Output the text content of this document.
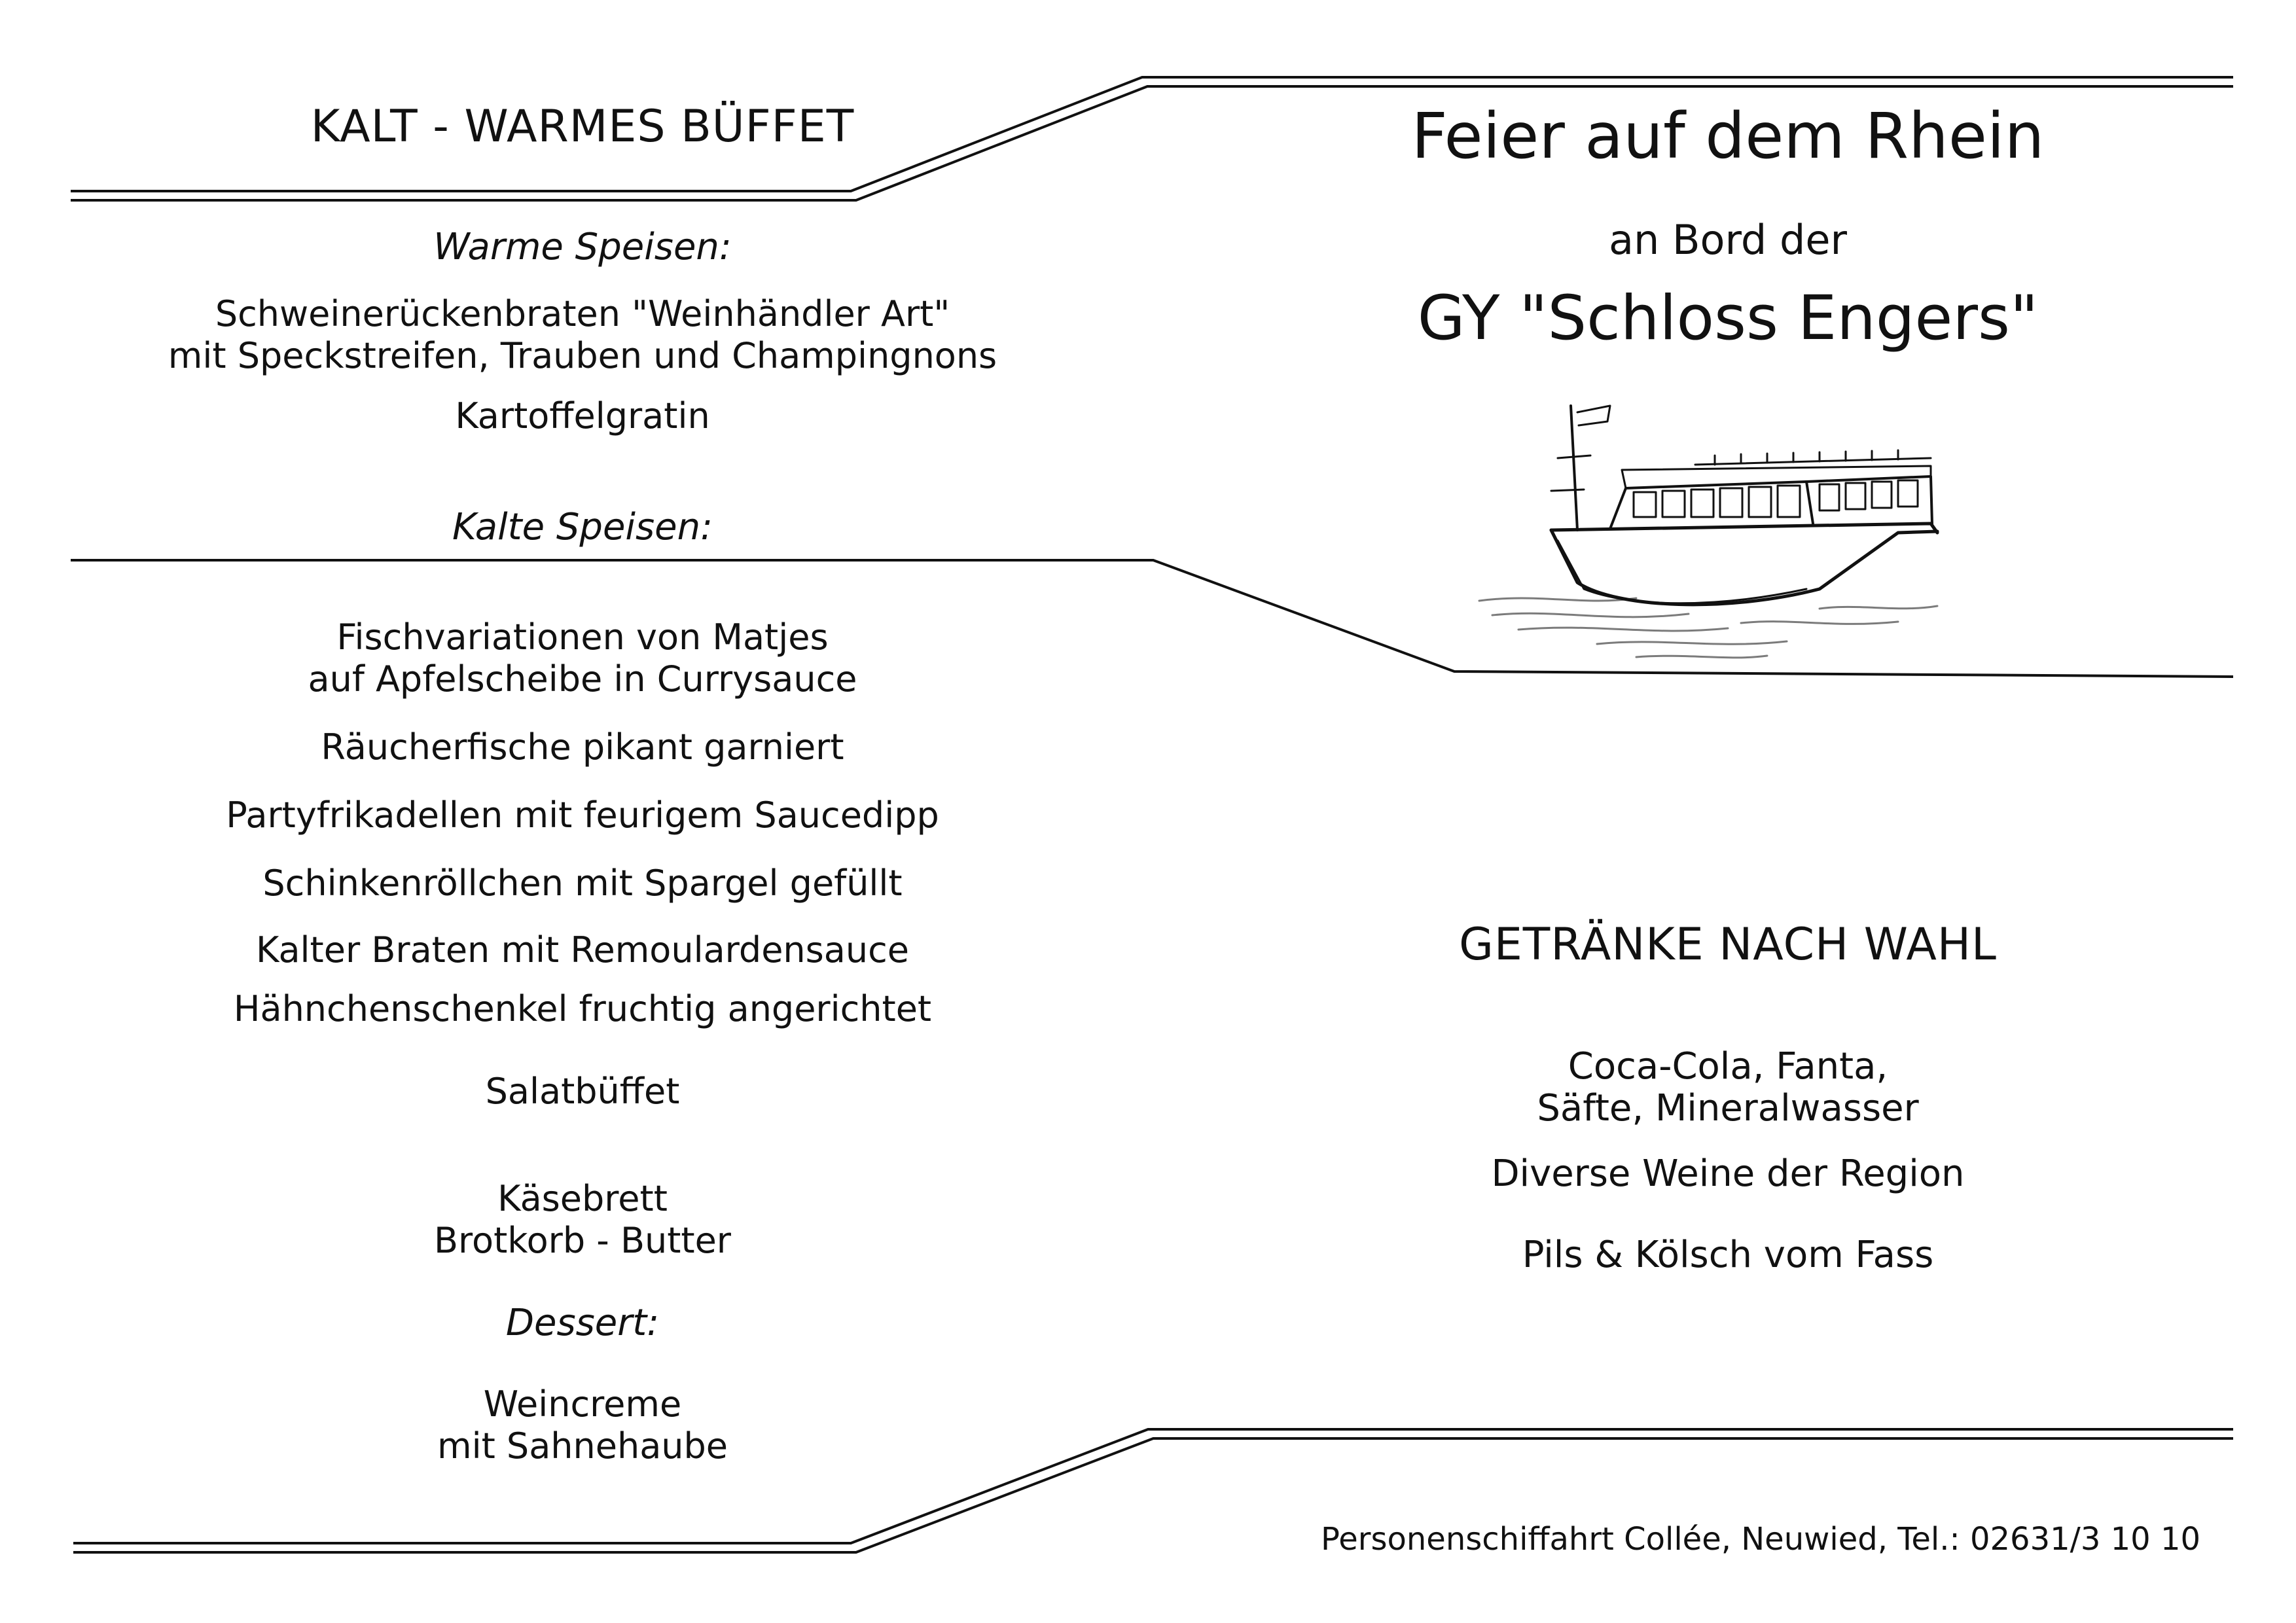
KALT - WARMES BÜFFET
Warme Speisen:
Schweinerückenbraten "Weinhändler Art"
mit Speckstreifen, Trauben und Champingnons
Kartoffelgratin
Kalte Speisen:
Fischvariationen von Matjes
auf Apfelscheibe in Currysauce
Räucherfische pikant garniert
Partyfrikadellen mit feurigem Saucedipp
Schinkenröllchen mit Spargel gefüllt
Kalter Braten mit Remoulardensauce
Hähnchenschenkel fruchtig angerichtet
Salatbüffet
Käsebrett
Brotkorb - Butter
Dessert:
Weincreme
mit Sahnehaube
Feier auf dem Rhein
an Bord der
GY "Schloss Engers"
GETRÄNKE NACH WAHL
Coca-Cola, Fanta,
Säfte, Mineralwasser
Diverse Weine der Region
Pils & Kölsch vom Fass
Personenschiffahrt Collée, Neuwied, Tel.: 02631/3 10 10
